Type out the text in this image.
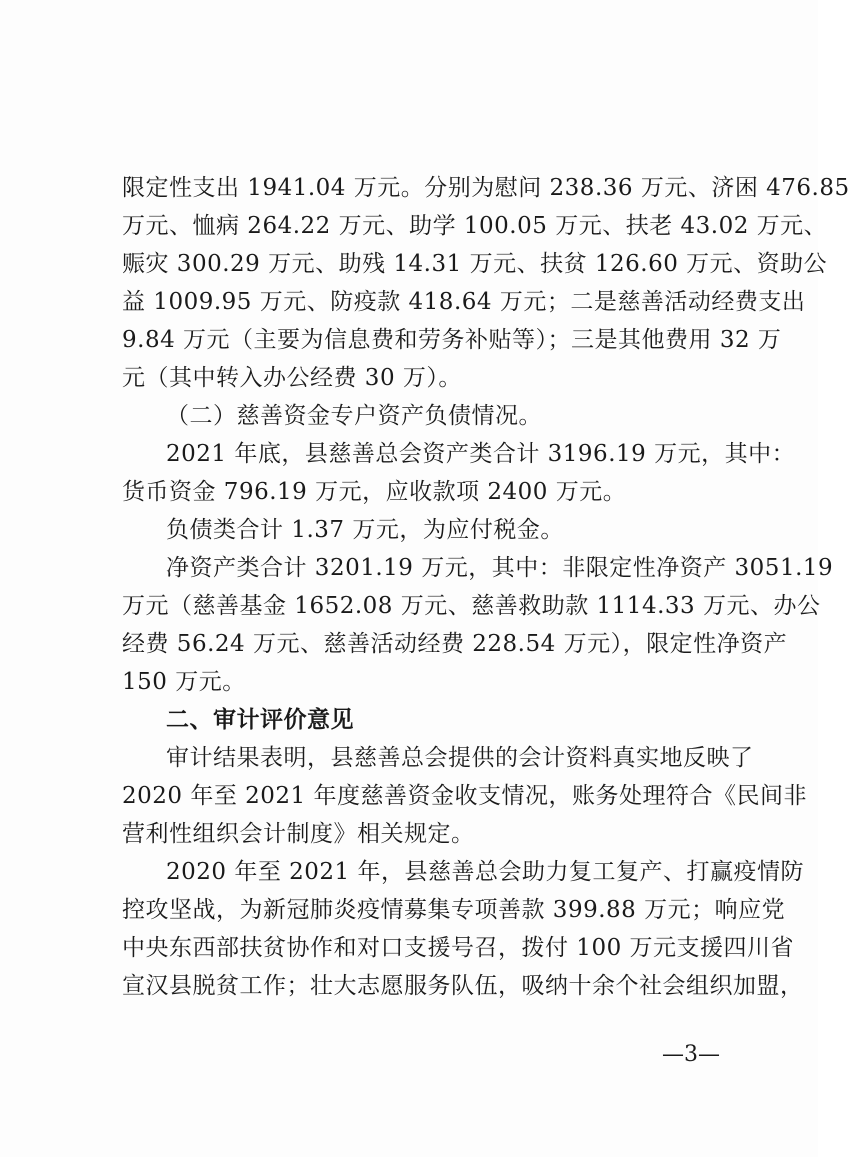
限定性支出 1941.04 万元。分别为慰问 238.36 万元、济困 476.85
万元、恤病 264.22 万元、助学 100.05 万元、扶老 43.02 万元、
赈灾 300.29 万元、助残 14.31 万元、扶贫 126.60 万元、资助公
益 1009.95 万元、防疫款 418.64 万元；二是慈善活动经费支出
9.84 万元（主要为信息费和劳务补贴等）；三是其他费用 32 万
元（其中转入办公经费 30 万）。
（二）慈善资金专户资产负债情况。
2021 年底，县慈善总会资产类合计 3196.19 万元，其中：
货币资金 796.19 万元，应收款项 2400 万元。
负债类合计 1.37 万元，为应付税金。
净资产类合计 3201.19 万元，其中：非限定性净资产 3051.19
万元（慈善基金 1652.08 万元、慈善救助款 1114.33 万元、办公
经费 56.24 万元、慈善活动经费 228.54 万元），限定性净资产
150 万元。
二、审计评价意见
审计结果表明，县慈善总会提供的会计资料真实地反映了
2020 年至 2021 年度慈善资金收支情况，账务处理符合《民间非
营利性组织会计制度》相关规定。
2020 年至 2021 年，县慈善总会助力复工复产、打赢疫情防
控攻坚战，为新冠肺炎疫情募集专项善款 399.88 万元；响应党
中央东西部扶贫协作和对口支援号召，拨付 100 万元支援四川省
宣汉县脱贫工作；壮大志愿服务队伍，吸纳十余个社会组织加盟，
—3—
